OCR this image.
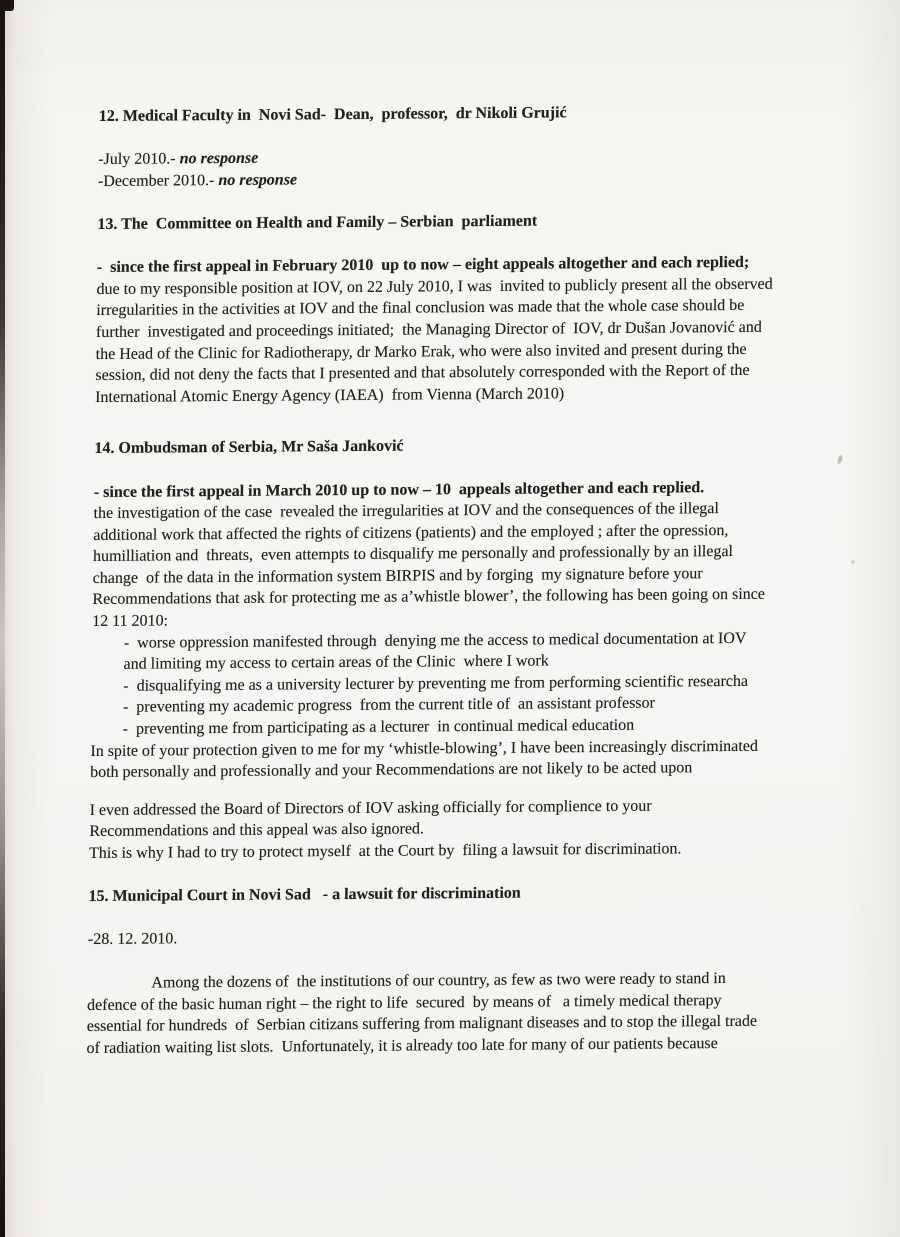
12. Medical Faculty in  Novi Sad-  Dean,  professor,  dr Nikoli Grujić
-July 2010.- no response
-December 2010.- no response
13. The  Committee on Health and Family – Serbian  parliament
-  since the first appeal in February 2010  up to now – eight appeals altogether and each replied;
due to my responsible position at IOV, on 22 July 2010, I was  invited to publicly present all the observed
irregularities in the activities at IOV and the final conclusion was made that the whole case should be
further  investigated and proceedings initiated;  the Managing Director of  IOV, dr Dušan Jovanović and
the Head of the Clinic for Radiotherapy, dr Marko Erak, who were also invited and present during the
session, did not deny the facts that I presented and that absolutely corresponded with the Report of the
International Atomic Energy Agency (IAEA)  from Vienna (March 2010)
14. Ombudsman of Serbia, Mr Saša Janković
- since the first appeal in March 2010 up to now – 10  appeals altogether and each replied.
the investigation of the case  revealed the irregularities at IOV and the consequences of the illegal
additional work that affected the rights of citizens (patients) and the employed ; after the opression,
humilliation and  threats,  even attempts to disqualify me personally and professionally by an illegal
change  of the data in the information system BIRPIS and by forging  my signature before your
Recommendations that ask for protecting me as a’whistle blower’, the following has been going on since
12 11 2010:
-  worse oppression manifested through  denying me the access to medical documentation at IOV
and limiting my access to certain areas of the Clinic  where I work
-  disqualifying me as a university lecturer by preventing me from performing scientific researcha
-  preventing my academic progress  from the current title of  an assistant professor
-  preventing me from participating as a lecturer  in continual medical education
In spite of your protection given to me for my ‘whistle-blowing’, I have been increasingly discriminated
both personally and professionally and your Recommendations are not likely to be acted upon
I even addressed the Board of Directors of IOV asking officially for complience to your
Recommendations and this appeal was also ignored.
This is why I had to try to protect myself  at the Court by  filing a lawsuit for discrimination.
15. Municipal Court in Novi Sad   - a lawsuit for discrimination
-28. 12. 2010.
Among the dozens of  the institutions of our country, as few as two were ready to stand in
defence of the basic human right – the right to life  secured  by means of   a timely medical therapy
essential for hundreds  of  Serbian citizans suffering from malignant diseases and to stop the illegal trade
of radiation waiting list slots.  Unfortunately, it is already too late for many of our patients because
